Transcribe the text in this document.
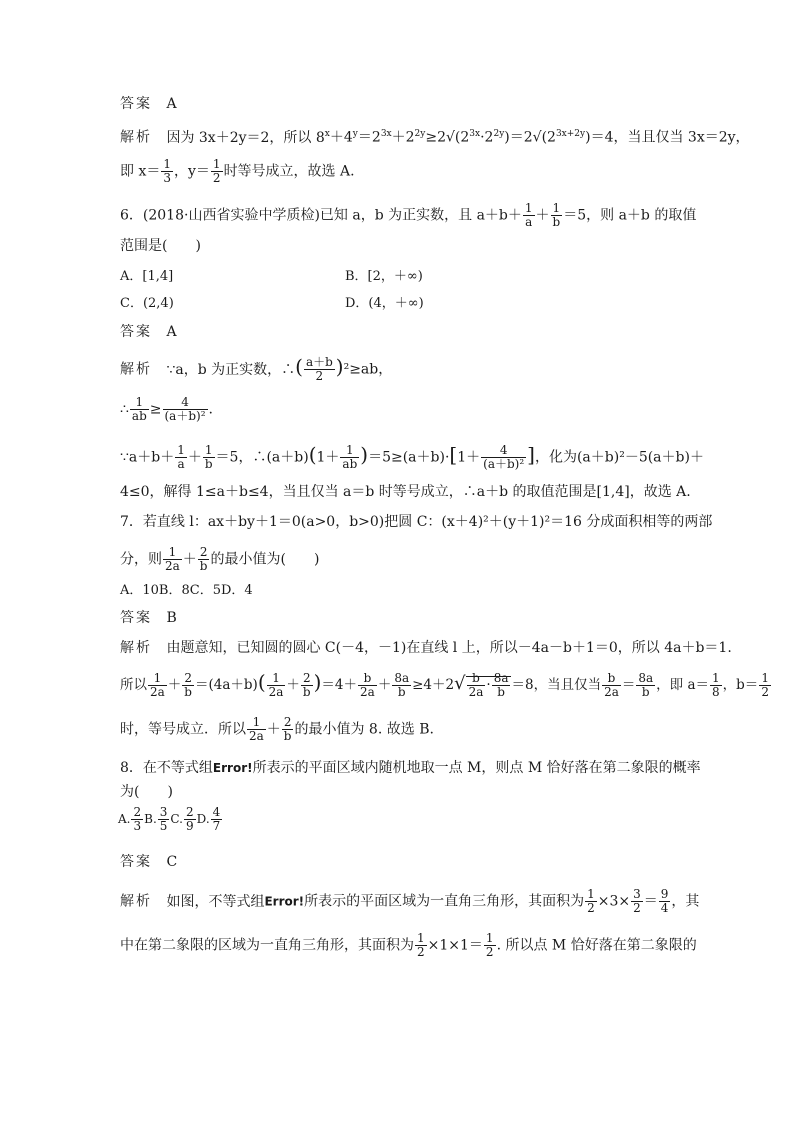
答案 A
解析 因为 3x＋2y＝2，所以 $8^x+4^y=2^{3x}+2^{2y}\ge 2√(2^{3x}\cdot 2^{2y})=2√(2^{3x+2y})=4$，当且仅当 3x＝2y，
即 $x= \frac{1}{3}$ ，$y= \frac{1}{2}$ 时等号成立，故选 A.
6．(2018·山西省实验中学质检)已知 a，b 为正实数，且 $a+b+ \frac{1}{a} + \frac{1}{b} =5$，则 a＋b 的取值
范围是(　　)
A．[1,4]	B．[2，＋∞)
C．(2,4)	D．(4，＋∞)
答案 A
解析 ∵a，b 为正实数，∴( $\frac{a+b}{2} )^2\ge ab$，
∴ $\frac{1}{ab} \ge \frac{4}{\text{(a＋b)²}}$ .
∵a＋b＋ $\frac{1}{a} + \frac{1}{b} =5$，∴(a＋b)(1＋ $\frac{1}{ab} )=5\ge(a+b)\cdot[1+ \frac{4}{\text{(a＋b)²}}$ ]，化为(a＋b)²－5(a＋b)＋
4≤0，解得 1≤a＋b≤4，当且仅当 a＝b 时等号成立，∴a＋b 的取值范围是[1,4]，故选 A.
7．若直线 l：ax＋by＋1＝0(a>0，b>0)把圆 C：(x＋4)²＋(y＋1)²＝16 分成面积相等的两部
分，则 $\frac{1}{2a} + \frac{2}{b}$ 的最小值为(　　)
A．10B．8C．5D．4
答案 B
解析 由题意知，已知圆的圆心 C(－4，－1)在直线 l 上，所以－4a－b＋1＝0，所以 4a＋b＝1.
所以 $\frac{1}{2a} + \frac{2}{b} =(4a+b)( \frac{1}{2a} + \frac{2}{b} )=4+ \frac{b}{2a} + \frac{8a}{b} \ge 4+2√ \frac{b}{2a} \cdot \frac{8a}{b} =8$，当且仅当 $\frac{b}{2a} = \frac{8a}{b}$ ，即 $a= \frac{1}{8}$ ，$b= \frac{1}{2}$
时，等号成立．所以 $\frac{1}{2a} + \frac{2}{b}$ 的最小值为 8. 故选 B.
8．在不等式组Error!所表示的平面区域内随机地取一点 M，则点 M 恰好落在第二象限的概率
为(　　)
A. $\frac{2}{3} B$. $\frac{3}{5} C$. $\frac{2}{9} D$. $\frac{4}{7}$
答案 C
解析 如图，不等式组Error!所表示的平面区域为一直角三角形，其面积为 $\frac{1}{2} \times 3\times \frac{3}{2} = \frac{9}{4}$ ，其
中在第二象限的区域为一直角三角形，其面积为 $\frac{1}{2} \times 1\times 1= \frac{1}{2}$ . 所以点 M 恰好落在第二象限的
